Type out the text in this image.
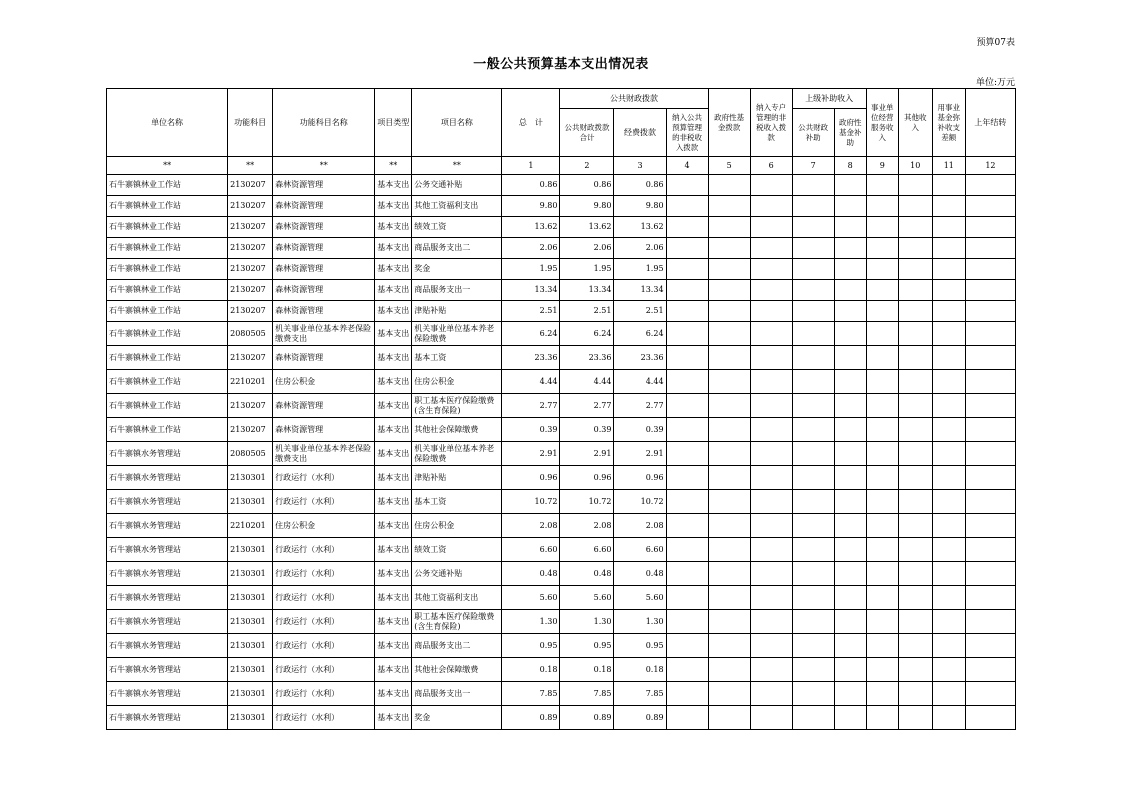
预算07表
一般公共预算基本支出情况表
单位:万元
单位名称	功能科目	功能科目名称	项目类型	项目名称	总　计	公共财政拨款			政府性基金拨款	纳入专户管理的非税收入拨款	上级补助收入		事业单位经营服务收入	其他收入	用事业基金弥补收支差额	上年结转
						公共财政拨款合计	经费拨款	纳入公共预算管理的非税收入拨款			公共财政补助	政府性基金补助				
**	**	**	**	**	1	2	3	4	5	6	7	8	9	10	11	12
石牛寨镇林业工作站	2130207	森林资源管理	基本支出	公务交通补贴	0.86	0.86	0.86									
石牛寨镇林业工作站	2130207	森林资源管理	基本支出	其他工资福利支出	9.80	9.80	9.80									
石牛寨镇林业工作站	2130207	森林资源管理	基本支出	绩效工资	13.62	13.62	13.62									
石牛寨镇林业工作站	2130207	森林资源管理	基本支出	商品服务支出二	2.06	2.06	2.06									
石牛寨镇林业工作站	2130207	森林资源管理	基本支出	奖金	1.95	1.95	1.95									
石牛寨镇林业工作站	2130207	森林资源管理	基本支出	商品服务支出一	13.34	13.34	13.34									
石牛寨镇林业工作站	2130207	森林资源管理	基本支出	津贴补贴	2.51	2.51	2.51									
石牛寨镇林业工作站	2080505	机关事业单位基本养老保险缴费支出	基本支出	机关事业单位基本养老保险缴费	6.24	6.24	6.24									
石牛寨镇林业工作站	2130207	森林资源管理	基本支出	基本工资	23.36	23.36	23.36									
石牛寨镇林业工作站	2210201	住房公积金	基本支出	住房公积金	4.44	4.44	4.44									
石牛寨镇林业工作站	2130207	森林资源管理	基本支出	职工基本医疗保险缴费(含生育保险)	2.77	2.77	2.77									
石牛寨镇林业工作站	2130207	森林资源管理	基本支出	其他社会保障缴费	0.39	0.39	0.39									
石牛寨镇水务管理站	2080505	机关事业单位基本养老保险缴费支出	基本支出	机关事业单位基本养老保险缴费	2.91	2.91	2.91									
石牛寨镇水务管理站	2130301	行政运行（水利）	基本支出	津贴补贴	0.96	0.96	0.96									
石牛寨镇水务管理站	2130301	行政运行（水利）	基本支出	基本工资	10.72	10.72	10.72									
石牛寨镇水务管理站	2210201	住房公积金	基本支出	住房公积金	2.08	2.08	2.08									
石牛寨镇水务管理站	2130301	行政运行（水利）	基本支出	绩效工资	6.60	6.60	6.60									
石牛寨镇水务管理站	2130301	行政运行（水利）	基本支出	公务交通补贴	0.48	0.48	0.48									
石牛寨镇水务管理站	2130301	行政运行（水利）	基本支出	其他工资福利支出	5.60	5.60	5.60									
石牛寨镇水务管理站	2130301	行政运行（水利）	基本支出	职工基本医疗保险缴费(含生育保险)	1.30	1.30	1.30									
石牛寨镇水务管理站	2130301	行政运行（水利）	基本支出	商品服务支出二	0.95	0.95	0.95									
石牛寨镇水务管理站	2130301	行政运行（水利）	基本支出	其他社会保障缴费	0.18	0.18	0.18									
石牛寨镇水务管理站	2130301	行政运行（水利）	基本支出	商品服务支出一	7.85	7.85	7.85									
石牛寨镇水务管理站	2130301	行政运行（水利）	基本支出	奖金	0.89	0.89	0.89									
